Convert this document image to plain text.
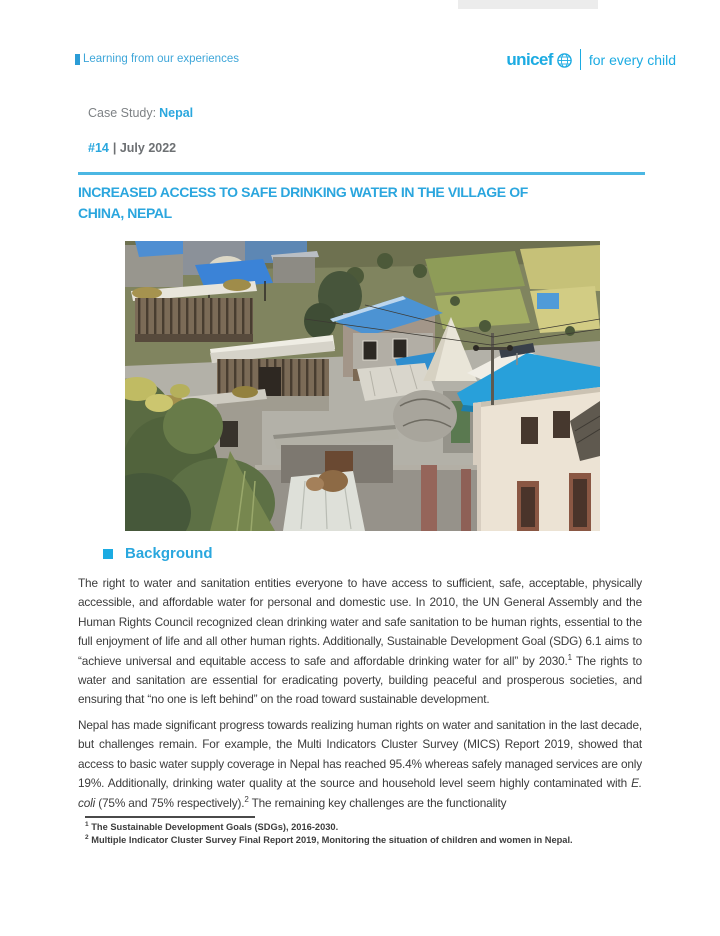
Learning from our experiences	unicef	for every child
Case Study: Nepal
#14 | July 2022
INCREASED ACCESS TO SAFE DRINKING WATER IN THE VILLAGE OF
CHINA, NEPAL
Background
The right to water and sanitation entities everyone to have access to sufficient, safe, acceptable, physically accessible, and affordable water for personal and domestic use. In 2010, the UN General Assembly and the Human Rights Council recognized clean drinking water and safe sanitation to be human rights, essential to the full enjoyment of life and all other human rights. Additionally, Sustainable Development Goal (SDG) 6.1 aims to “achieve universal and equitable access to safe and affordable drinking water for all” by 2030.$^1$ The rights to water and sanitation are essential for eradicating poverty, building peaceful and prosperous societies, and ensuring that “no one is left behind” on the road toward sustainable development.
Nepal has made significant progress towards realizing human rights on water and sanitation in the last decade, but challenges remain. For example, the Multi Indicators Cluster Survey (MICS) Report 2019, showed that access to basic water supply coverage in Nepal has reached 95.4% whereas safely managed services are only 19%. Additionally, drinking water quality at the source and household level seem highly contaminated with E. coli (75% and 75% respectively).$^2$ The remaining key challenges are the functionality
$^1$ The Sustainable Development Goals (SDGs), 2016-2030.
$^2$ Multiple Indicator Cluster Survey Final Report 2019, Monitoring the situation of children and women in Nepal.
